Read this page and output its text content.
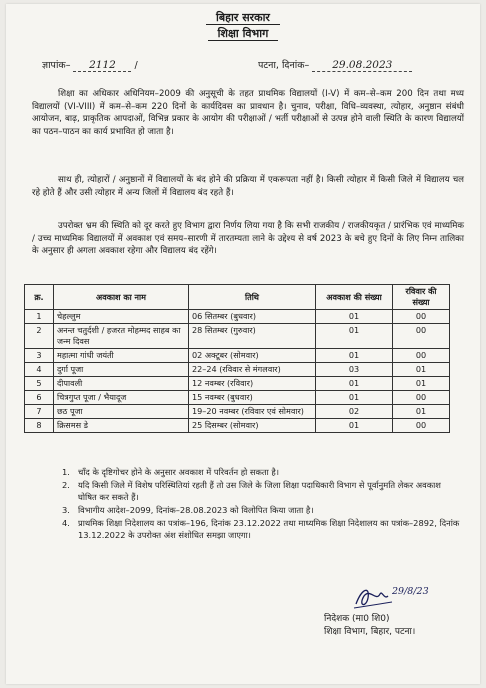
बिहार सरकार
शिक्षा विभाग
ज्ञापांक– 2112 /	पटना, दिनांक– 29.08.2023
शिक्षा का अधिकार अधिनियम–2009 की अनुसूची के तहत प्राथमिक विद्यालयों (I-V) में कम–से–कम 200 दिन तथा मध्य विद्यालयों (VI-VIII) में कम–से–कम 220 दिनों के कार्यदिवस का प्रावधान है। चुनाव, परीक्षा, विधि–व्यवस्था, त्योहार, अनुष्ठान संबंधी आयोजन, बाढ़, प्राकृतिक आपदाओं, विभिन्न प्रकार के आयोग की परीक्षाओं / भर्ती परीक्षाओं से उत्पन्न होने वाली स्थिति के कारण विद्यालयों का पठन–पाठन का कार्य प्रभावित हो जाता है।
साथ ही, त्योहारों / अनुष्ठानों में विद्यालयों के बंद होने की प्रक्रिया में एकरूपता नहीं है। किसी त्योहार में किसी जिले में विद्यालय चल रहे होते हैं और उसी त्योहार में अन्य जिलों में विद्यालय बंद रहते हैं।
उपरोक्त भ्रम की स्थिति को दूर करते हुए विभाग द्वारा निर्णय लिया गया है कि सभी राजकीय / राजकीयकृत / प्रारंभिक एवं माध्यमिक / उच्च माध्यमिक विद्यालयों में अवकाश एवं समय–सारणी में तारतम्यता लाने के उद्देश्य से वर्ष 2023 के बचे हुए दिनों के लिए निम्न तालिका के अनुसार ही अगला अवकाश रहेगा और विद्यालय बंद रहेंगे।
क्र.	अवकाश का नाम	तिथि	अवकाश की संख्या	रविवार की संख्या
1	चेहल्लुम	06 सितम्बर (बुधवार)	01	00
2	अनन्त चतुर्दशी / हजरत मोहम्मद साहब का जन्म दिवस	28 सितम्बर (गुरुवार)	01	00
3	महात्मा गांधी जयंती	02 अक्टूबर (सोमवार)	01	00
4	दुर्गा पूजा	22–24 (रविवार से मंगलवार)	03	01
5	दीपावली	12 नवम्बर (रविवार)	01	01
6	चित्रगुप्त पूजा / भैयादूज	15 नवम्बर (बुधवार)	01	00
7	छठ पूजा	19–20 नवम्बर (रविवार एवं सोमवार)	02	01
8	क्रिसमस डे	25 दिसम्बर (सोमवार)	01	00
1. चाँद के दृष्टिगोचर होने के अनुसार अवकाश में परिवर्तन हो सकता है।
2. यदि किसी जिले में विशेष परिस्थितियां रहती हैं तो उस जिले के जिला शिक्षा पदाधिकारी विभाग से पूर्वानुमति लेकर अवकाश घोषित कर सकते हैं।
3. विभागीय आदेश–2099, दिनांक–28.08.2023 को विलोपित किया जाता है।
4. प्राथमिक शिक्षा निदेशालय का पत्रांक–196, दिनांक 23.12.2022 तथा माध्यमिक शिक्षा निदेशालय का पत्रांक–2892, दिनांक 13.12.2022 के उपरोक्त अंश संशोधित समझा जाएगा।
29/8/23
निदेशक (मा0 शि0)
शिक्षा विभाग, बिहार, पटना।
